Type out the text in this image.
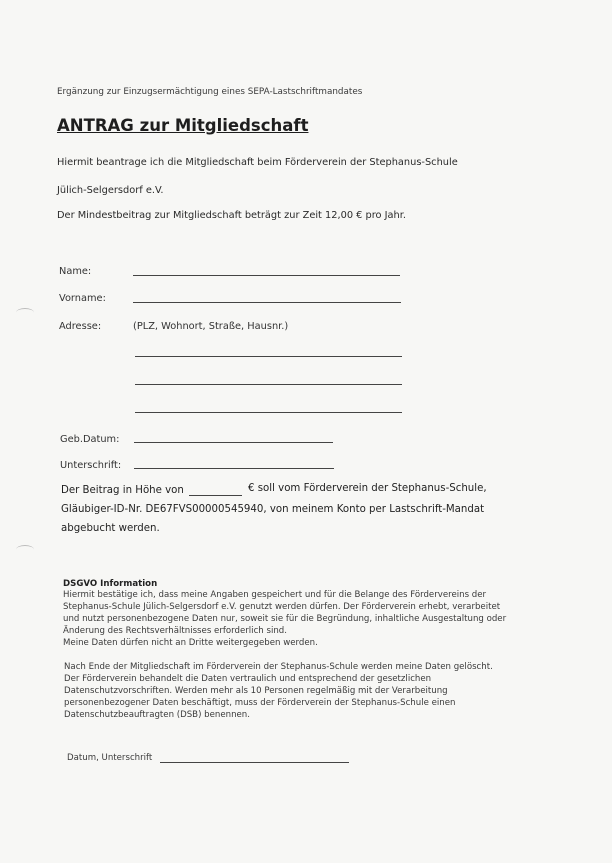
Ergänzung zur Einzugsermächtigung eines SEPA-Lastschriftmandates
ANTRAG zur Mitgliedschaft
Hiermit beantrage ich die Mitgliedschaft beim Förderverein der Stephanus-Schule
Jülich-Selgersdorf e.V.
Der Mindestbeitrag zur Mitgliedschaft beträgt zur Zeit 12,00 € pro Jahr.
Name:
Vorname:
Adresse:	(PLZ, Wohnort, Straße, Hausnr.)
Geb.Datum:
Unterschrift:
Der Beitrag in Höhe von	€ soll vom Förderverein der Stephanus-Schule,
Gläubiger-ID-Nr. DE67FVS00000545940, von meinem Konto per Lastschrift-Mandat
abgebucht werden.
DSGVO Information
Hiermit bestätige ich, dass meine Angaben gespeichert und für die Belange des Fördervereins der
Stephanus-Schule Jülich-Selgersdorf e.V. genutzt werden dürfen. Der Förderverein erhebt, verarbeitet
und nutzt personenbezogene Daten nur, soweit sie für die Begründung, inhaltliche Ausgestaltung oder
Änderung des Rechtsverhältnisses erforderlich sind.
Meine Daten dürfen nicht an Dritte weitergegeben werden.
Nach Ende der Mitgliedschaft im Förderverein der Stephanus-Schule werden meine Daten gelöscht.
Der Förderverein behandelt die Daten vertraulich und entsprechend der gesetzlichen
Datenschutzvorschriften. Werden mehr als 10 Personen regelmäßig mit der Verarbeitung
personenbezogener Daten beschäftigt, muss der Förderverein der Stephanus-Schule einen
Datenschutzbeauftragten (DSB) benennen.
Datum, Unterschrift
